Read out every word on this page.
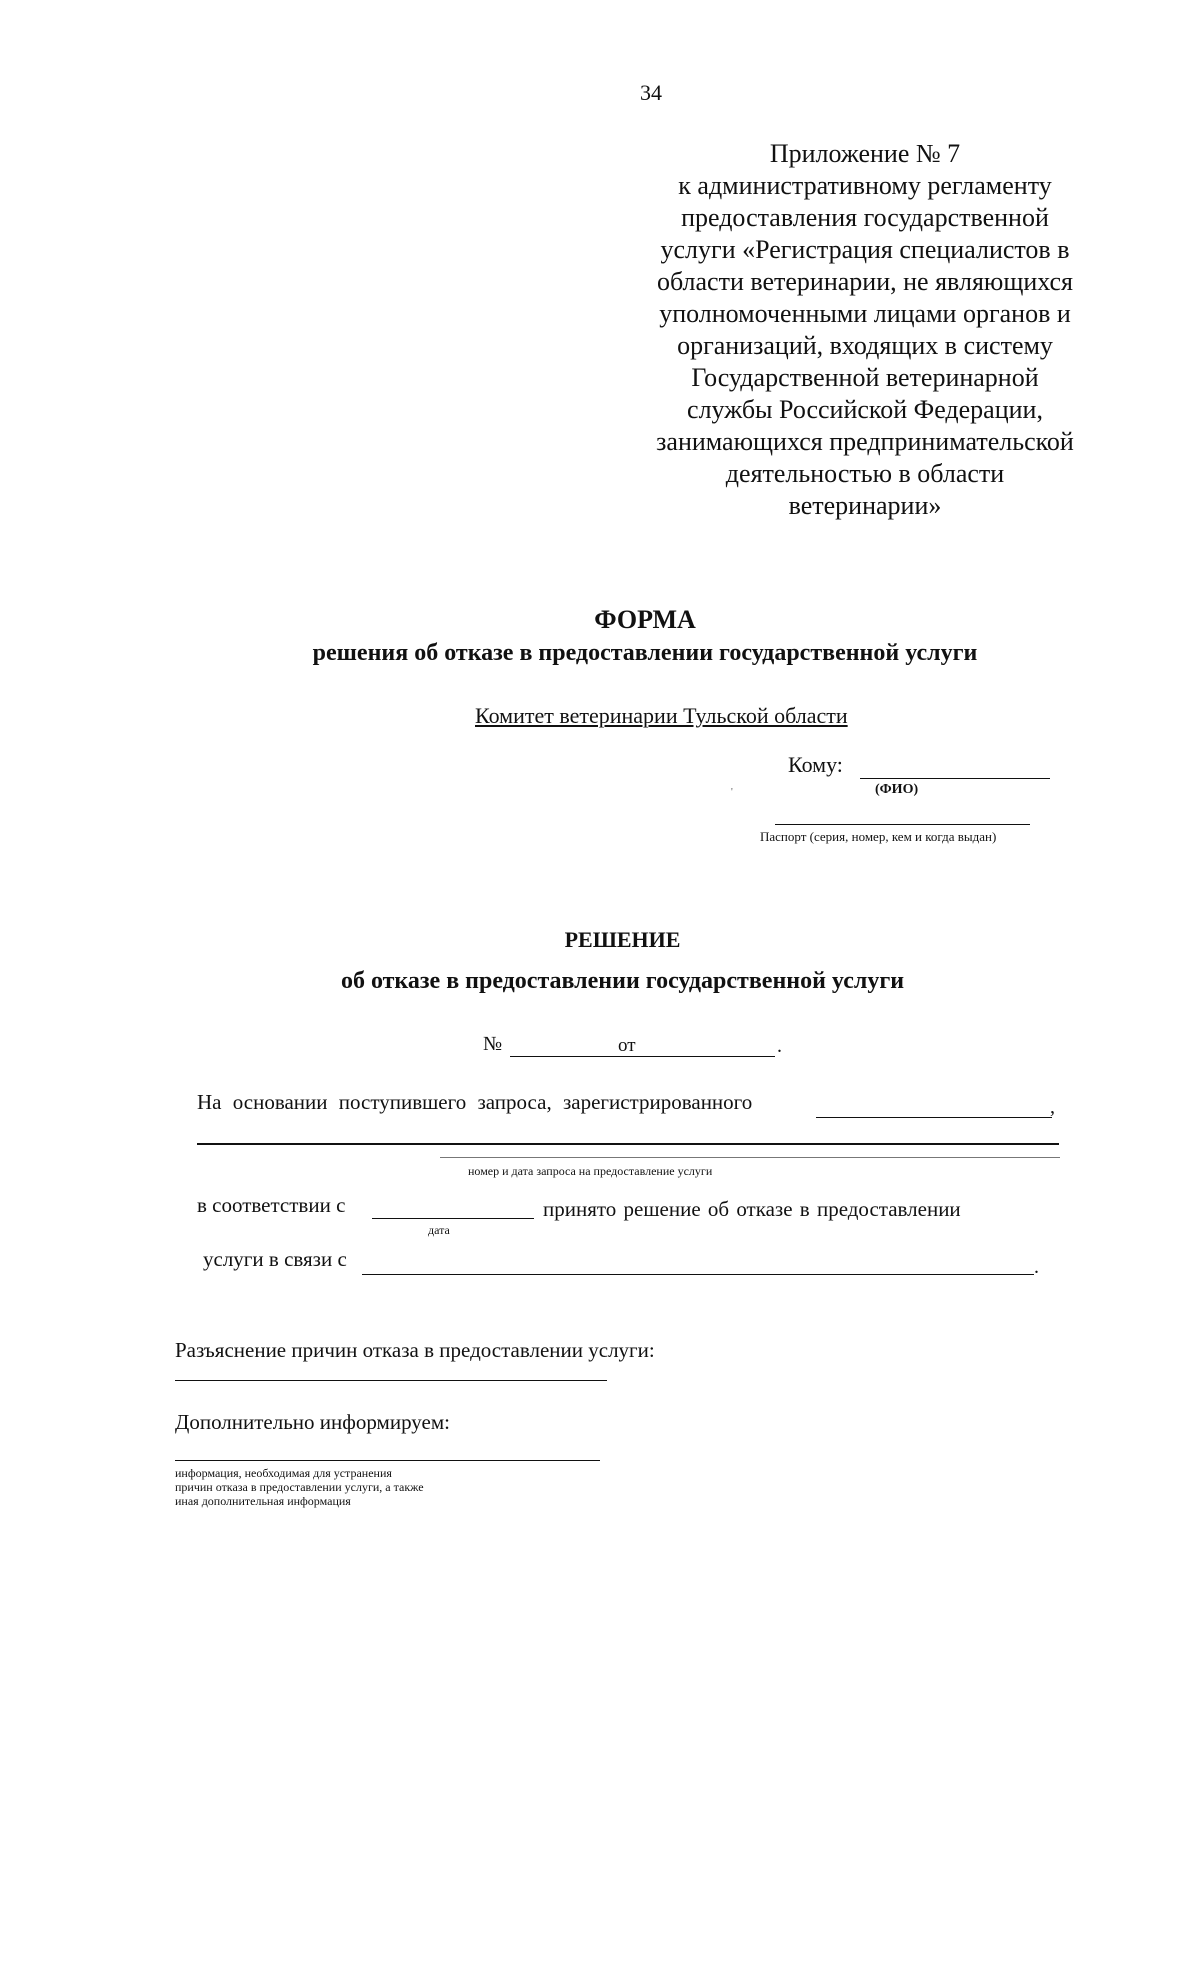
34
Приложение № 7
к административному регламенту
предоставления государственной
услуги «Регистрация специалистов в
области ветеринарии, не являющихся
уполномоченными лицами органов и
организаций, входящих в систему
Государственной ветеринарной
службы Российской Федерации,
занимающихся предпринимательской
деятельностью в области
ветеринарии»
ФОРМА
решения об отказе в предоставлении государственной услуги
Комитет ветеринарии Тульской области
Кому:
(ФИО)
'
Паспорт (серия, номер, кем и когда выдан)
РЕШЕНИЕ
об отказе в предоставлении государственной услуги
№	от	.
На основании поступившего запроса, зарегистрированного	,
номер и дата запроса на предоставление услуги
в соответствии с
дата
принято решение об отказе в предоставлении
услуги в связи с	.
Разъяснение причин отказа в предоставлении услуги:
Дополнительно информируем:
информация, необходимая для устранения
причин отказа в предоставлении услуги, а также
иная дополнительная информация
